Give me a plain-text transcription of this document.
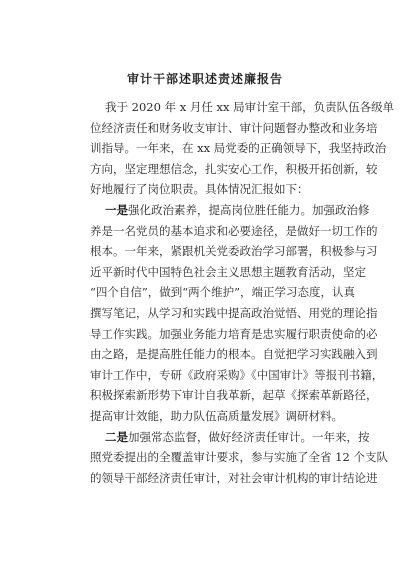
审计干部述职述责述廉报告
我于 2020 年 x 月任 xx 局审计室干部，负责队伍各级单
位经济责任和财务收支审计、审计问题督办整改和业务培
训指导。一年来，在 xx 局党委的正确领导下，我坚持政治
方向，坚定理想信念，扎实安心工作，积极开拓创新，较
好地履行了岗位职责。具体情况汇报如下：
一是强化政治素养，提高岗位胜任能力。加强政治修
养是一名党员的基本追求和必要途径，是做好一切工作的
根本。一年来，紧跟机关党委政治学习部署，积极参与习
近平新时代中国特色社会主义思想主题教育活动，坚定
“四个自信”，做到“两个维护”，端正学习态度，认真
撰写笔记，从学习和实践中提高政治觉悟、用党的理论指
导工作实践。加强业务能力培育是忠实履行职责使命的必
由之路，是提高胜任能力的根本。自觉把学习实践融入到
审计工作中，专研《政府采购》《中国审计》等报刊书籍，
积极探索新形势下审计自我革新，起草《探索革新路径，
提高审计效能，助力队伍高质量发展》调研材料。
二是加强常态监督，做好经济责任审计。一年来，按
照党委提出的全覆盖审计要求，参与实施了全省 12 个支队
的领导干部经济责任审计，对社会审计机构的审计结论进
